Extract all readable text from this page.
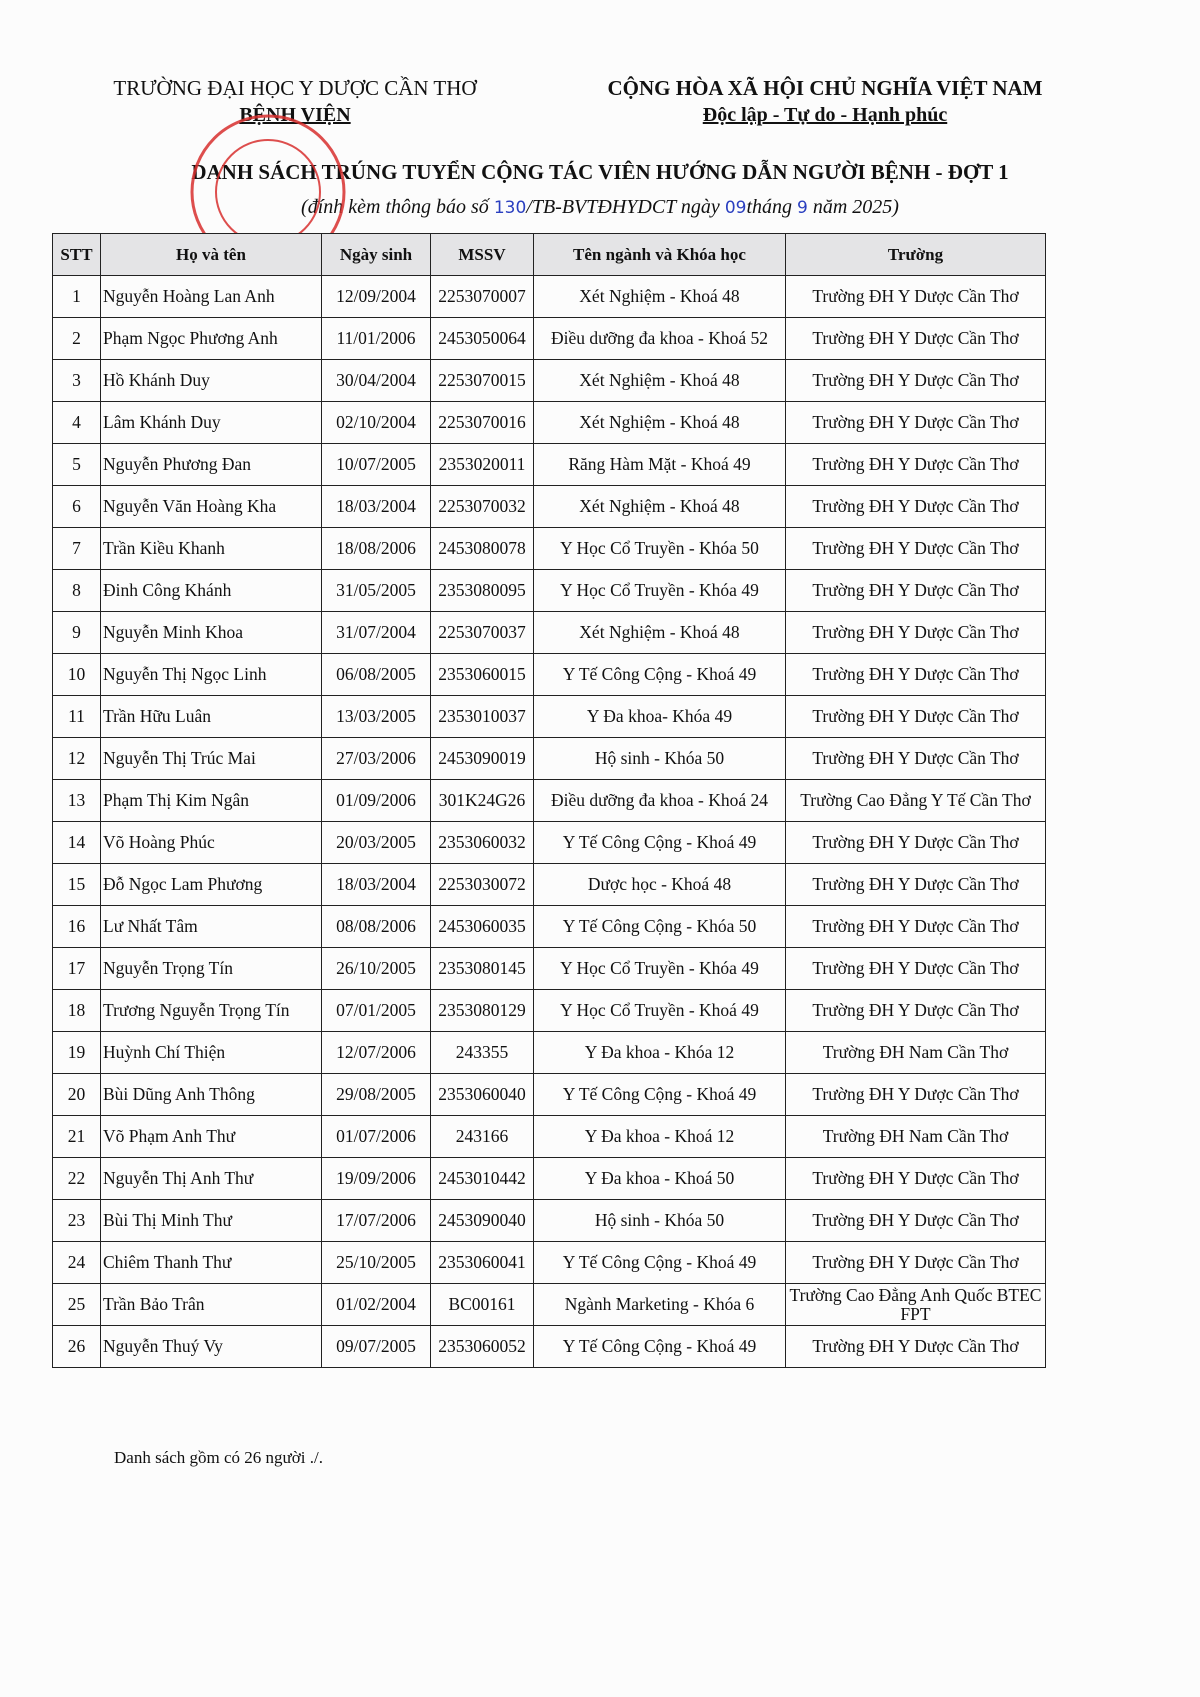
TRƯỜNG ĐẠI HỌC Y DƯỢC CẦN THƠ
BỆNH VIỆN
CỘNG HÒA XÃ HỘI CHỦ NGHĨA VIỆT NAM
Độc lập - Tự do - Hạnh phúc
DANH SÁCH TRÚNG TUYỂN CỘNG TÁC VIÊN HƯỚNG DẪN NGƯỜI BỆNH - ĐỢT 1
(đính kèm thông báo số 130/TB-BVTĐHYDCT ngày 09tháng 9 năm 2025)
STT	Họ và tên	Ngày sinh	MSSV	Tên ngành và Khóa học	Trường
1	Nguyễn Hoàng Lan Anh	12/09/2004	2253070007	Xét Nghiệm - Khoá 48	Trường ĐH Y Dược Cần Thơ
2	Phạm Ngọc Phương Anh	11/01/2006	2453050064	Điều dưỡng đa khoa - Khoá 52	Trường ĐH Y Dược Cần Thơ
3	Hồ Khánh Duy	30/04/2004	2253070015	Xét Nghiệm - Khoá 48	Trường ĐH Y Dược Cần Thơ
4	Lâm Khánh Duy	02/10/2004	2253070016	Xét Nghiệm - Khoá 48	Trường ĐH Y Dược Cần Thơ
5	Nguyễn Phương Đan	10/07/2005	2353020011	Răng Hàm Mặt - Khoá 49	Trường ĐH Y Dược Cần Thơ
6	Nguyễn Văn Hoàng Kha	18/03/2004	2253070032	Xét Nghiệm - Khoá 48	Trường ĐH Y Dược Cần Thơ
7	Trần Kiều Khanh	18/08/2006	2453080078	Y Học Cổ Truyền - Khóa 50	Trường ĐH Y Dược Cần Thơ
8	Đinh Công Khánh	31/05/2005	2353080095	Y Học Cổ Truyền - Khóa 49	Trường ĐH Y Dược Cần Thơ
9	Nguyễn Minh Khoa	31/07/2004	2253070037	Xét Nghiệm - Khoá 48	Trường ĐH Y Dược Cần Thơ
10	Nguyễn Thị Ngọc Linh	06/08/2005	2353060015	Y Tế Công Cộng - Khoá 49	Trường ĐH Y Dược Cần Thơ
11	Trần Hữu Luân	13/03/2005	2353010037	Y Đa khoa- Khóa 49	Trường ĐH Y Dược Cần Thơ
12	Nguyễn Thị Trúc Mai	27/03/2006	2453090019	Hộ sinh - Khóa 50	Trường ĐH Y Dược Cần Thơ
13	Phạm Thị Kim Ngân	01/09/2006	301K24G26	Điều dưỡng đa khoa - Khoá 24	Trường Cao Đẳng Y Tế Cần Thơ
14	Võ Hoàng Phúc	20/03/2005	2353060032	Y Tế Công Cộng - Khoá 49	Trường ĐH Y Dược Cần Thơ
15	Đỗ Ngọc Lam Phương	18/03/2004	2253030072	Dược học - Khoá 48	Trường ĐH Y Dược Cần Thơ
16	Lư Nhất Tâm	08/08/2006	2453060035	Y Tế Công Cộng - Khóa 50	Trường ĐH Y Dược Cần Thơ
17	Nguyễn Trọng Tín	26/10/2005	2353080145	Y Học Cổ Truyền - Khóa 49	Trường ĐH Y Dược Cần Thơ
18	Trương Nguyễn Trọng Tín	07/01/2005	2353080129	Y Học Cổ Truyền - Khoá 49	Trường ĐH Y Dược Cần Thơ
19	Huỳnh Chí Thiện	12/07/2006	243355	Y Đa khoa - Khóa 12	Trường ĐH Nam Cần Thơ
20	Bùi Dũng Anh Thông	29/08/2005	2353060040	Y Tế Công Cộng - Khoá 49	Trường ĐH Y Dược Cần Thơ
21	Võ Phạm Anh Thư	01/07/2006	243166	Y Đa khoa - Khoá 12	Trường ĐH Nam Cần Thơ
22	Nguyễn Thị Anh Thư	19/09/2006	2453010442	Y Đa khoa - Khoá 50	Trường ĐH Y Dược Cần Thơ
23	Bùi Thị Minh Thư	17/07/2006	2453090040	Hộ sinh - Khóa 50	Trường ĐH Y Dược Cần Thơ
24	Chiêm Thanh Thư	25/10/2005	2353060041	Y Tế Công Cộng - Khoá 49	Trường ĐH Y Dược Cần Thơ
25	Trần Bảo Trân	01/02/2004	BC00161	Ngành Marketing - Khóa 6	Trường Cao Đẳng Anh Quốc BTEC FPT
26	Nguyễn Thuý Vy	09/07/2005	2353060052	Y Tế Công Cộng - Khoá 49	Trường ĐH Y Dược Cần Thơ
Danh sách gồm có 26 người ./.
